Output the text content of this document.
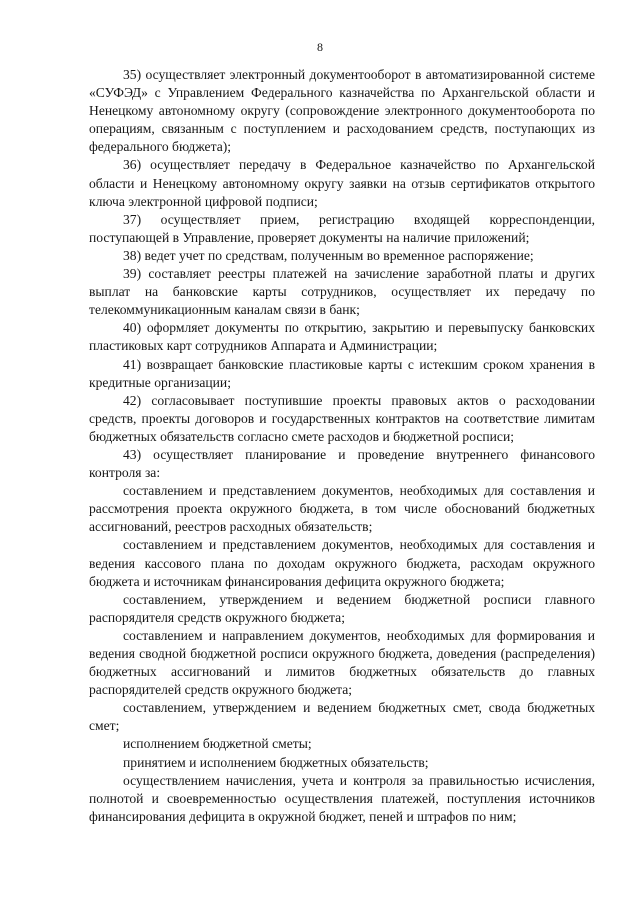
8

35) осуществляет электронный документооборот в автоматизированной системе «СУФЭД» с Управлением Федерального казначейства по Архангельской области и Ненецкому автономному округу (сопровождение электронного документооборота по операциям, связанным с поступлением и расходованием средств, поступающих из федерального бюджета);

36) осуществляет передачу в Федеральное казначейство по Архангельской области и Ненецкому автономному округу заявки на отзыв сертификатов открытого ключа электронной цифровой подписи;

37) осуществляет прием, регистрацию входящей корреспонденции, поступающей в Управление, проверяет документы на наличие приложений;

38) ведет учет по средствам, полученным во временное распоряжение;

39) составляет реестры платежей на зачисление заработной платы и других выплат на банковские карты сотрудников, осуществляет их передачу по телекоммуникационным каналам связи в банк;

40) оформляет документы по открытию, закрытию и перевыпуску банковских пластиковых карт сотрудников Аппарата и Администрации;

41) возвращает банковские пластиковые карты с истекшим сроком хранения в кредитные организации;

42) согласовывает поступившие проекты правовых актов о расходовании средств, проекты договоров и государственных контрактов на соответствие лимитам бюджетных обязательств согласно смете расходов и бюджетной росписи;

43) осуществляет планирование и проведение внутреннего финансового контроля за:

составлением и представлением документов, необходимых для составления и рассмотрения проекта окружного бюджета, в том числе обоснований бюджетных ассигнований, реестров расходных обязательств;

составлением и представлением документов, необходимых для составления и ведения кассового плана по доходам окружного бюджета, расходам окружного бюджета и источникам финансирования дефицита окружного бюджета;

составлением, утверждением и ведением бюджетной росписи главного распорядителя средств окружного бюджета;

составлением и направлением документов, необходимых для формирования и ведения сводной бюджетной росписи окружного бюджета, доведения (распределения) бюджетных ассигнований и лимитов бюджетных обязательств до главных распорядителей средств окружного бюджета;

составлением, утверждением и ведением бюджетных смет, свода бюджетных смет;

исполнением бюджетной сметы;

принятием и исполнением бюджетных обязательств;

осуществлением начисления, учета и контроля за правильностью исчисления, полнотой и своевременностью осуществления платежей, поступления источников финансирования дефицита в окружной бюджет, пеней и штрафов по ним;
